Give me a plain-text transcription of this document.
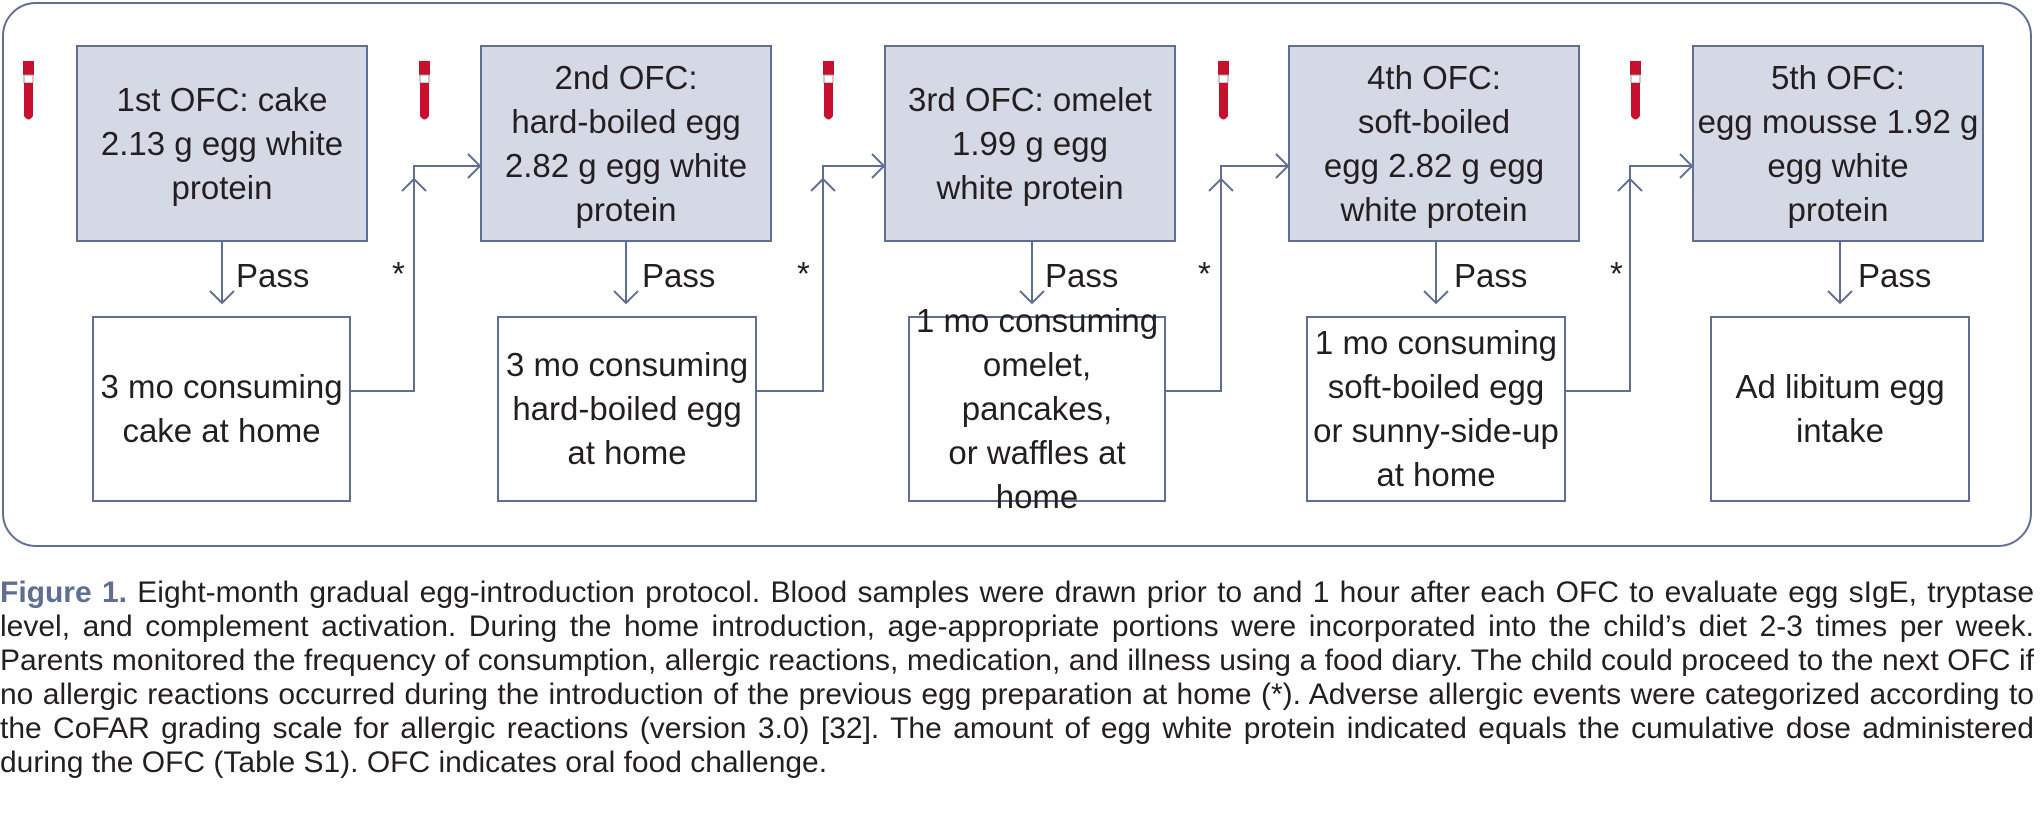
1st OFC: cake
2.13 g egg white
protein
2nd OFC:
hard-boiled egg
2.82 g egg white
protein
3rd OFC: omelet
1.99 g egg
white protein
4th OFC:
soft-boiled
egg 2.82 g egg
white protein
5th OFC:
egg mousse 1.92 g
egg white
protein
3 mo consuming
cake at home
3 mo consuming
hard-boiled egg
at home
1 mo consuming
omelet, pancakes,
or waffles at
home
1 mo consuming
soft-boiled egg
or sunny-side-up
at home
Ad libitum egg
intake
Pass	Pass	Pass	Pass	Pass
*	*	*	*
Figure 1. Eight-month gradual egg-introduction protocol. Blood samples were drawn prior to and 1 hour after each OFC to evaluate egg sIgE, tryptase level, and complement activation. During the home introduction, age-appropriate portions were incorporated into the child’s diet 2-3 times per week. Parents monitored the frequency of consumption, allergic reactions, medication, and illness using a food diary. The child could proceed to the next OFC if no allergic reactions occurred during the introduction of the previous egg preparation at home (*). Adverse allergic events were categorized according to the CoFAR grading scale for allergic reactions (version 3.0) [32]. The amount of egg white protein indicated equals the cumulative dose administered during the OFC (Table S1). OFC indicates oral food challenge.
